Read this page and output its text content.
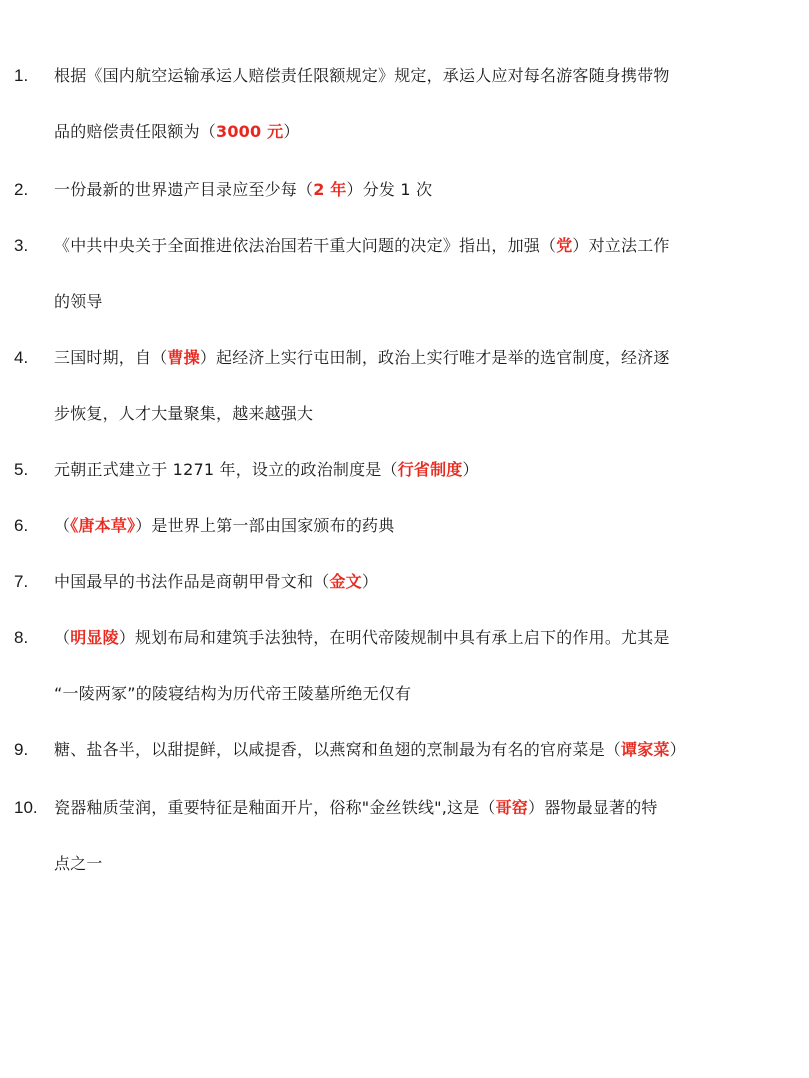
1.	根据《国内航空运输承运人赔偿责任限额规定》规定，承运人应对每名游客随身携带物
品的赔偿责任限额为（3000 元）
2.	一份最新的世界遗产目录应至少每（2 年）分发 1 次
3.	《中共中央关于全面推进依法治国若干重大问题的决定》指出，加强（党）对立法工作
的领导
4.	三国时期，自（曹操）起经济上实行屯田制，政治上实行唯才是举的选官制度，经济逐
步恢复，人才大量聚集，越来越强大
5.	元朝正式建立于 1271 年，设立的政治制度是（行省制度）
6.	（《唐本草》）是世界上第一部由国家颁布的药典
7.	中国最早的书法作品是商朝甲骨文和（金文）
8.	（明显陵）规划布局和建筑手法独特，在明代帝陵规制中具有承上启下的作用。尤其是
“一陵两冢”的陵寝结构为历代帝王陵墓所绝无仅有
9.	糖、盐各半，以甜提鲜，以咸提香，以燕窝和鱼翅的烹制最为有名的官府菜是（谭家菜）
10.	瓷器釉质莹润，重要特征是釉面开片，俗称"金丝铁线",这是（哥窑）器物最显著的特
点之一
